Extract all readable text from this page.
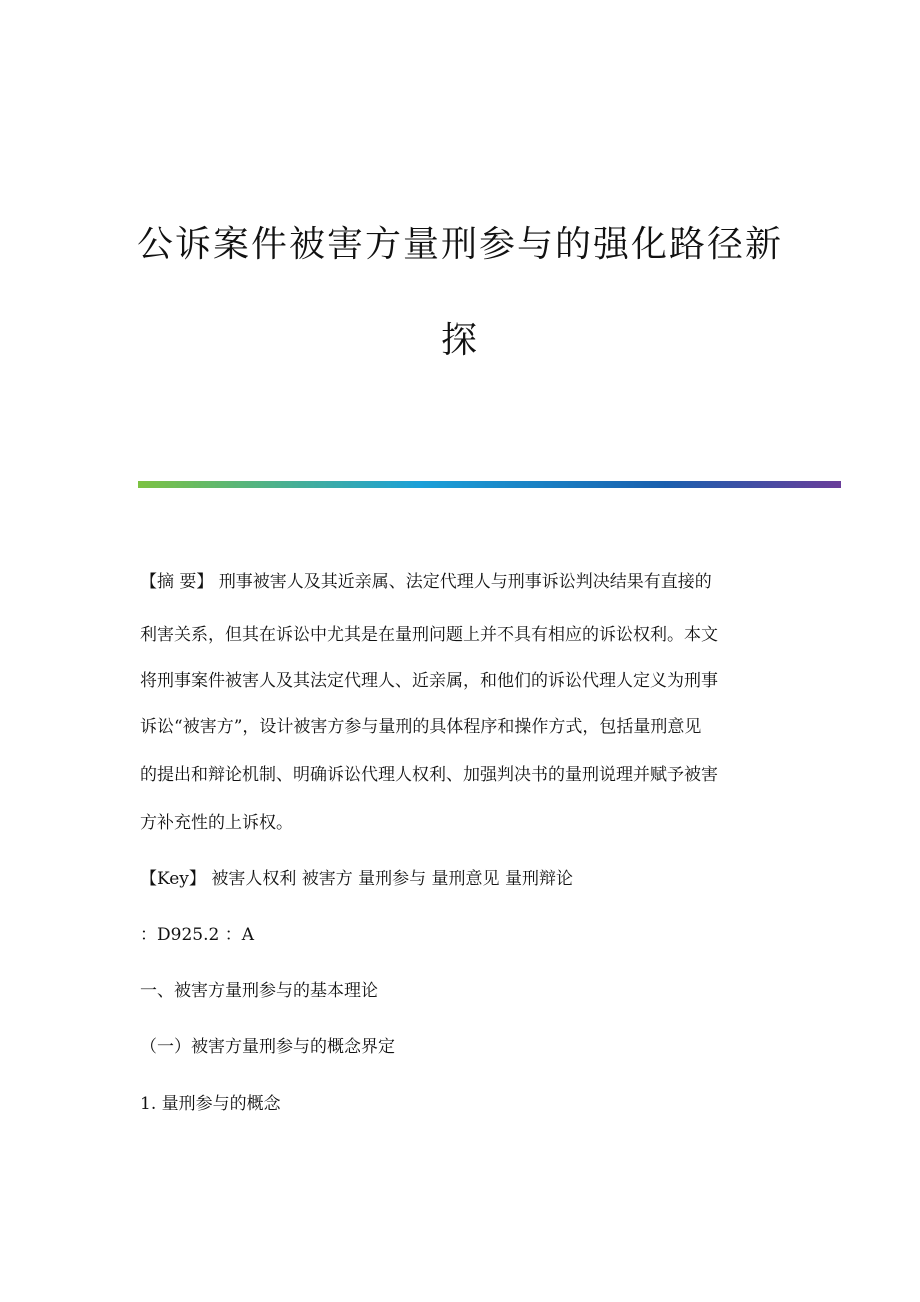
公诉案件被害方量刑参与的强化路径新
探
【摘 要】 刑事被害人及其近亲属、法定代理人与刑事诉讼判决结果有直接的
利害关系，但其在诉讼中尤其是在量刑问题上并不具有相应的诉讼权利。本文
将刑事案件被害人及其法定代理人、近亲属，和他们的诉讼代理人定义为刑事
诉讼“被害方”，设计被害方参与量刑的具体程序和操作方式，包括量刑意见
的提出和辩论机制、明确诉讼代理人权利、加强判决书的量刑说理并赋予被害
方补充性的上诉权。
【Key】 被害人权利 被害方 量刑参与 量刑意见 量刑辩论
：D925.2 ：A
一、被害方量刑参与的基本理论
（一）被害方量刑参与的概念界定
1. 量刑参与的概念
